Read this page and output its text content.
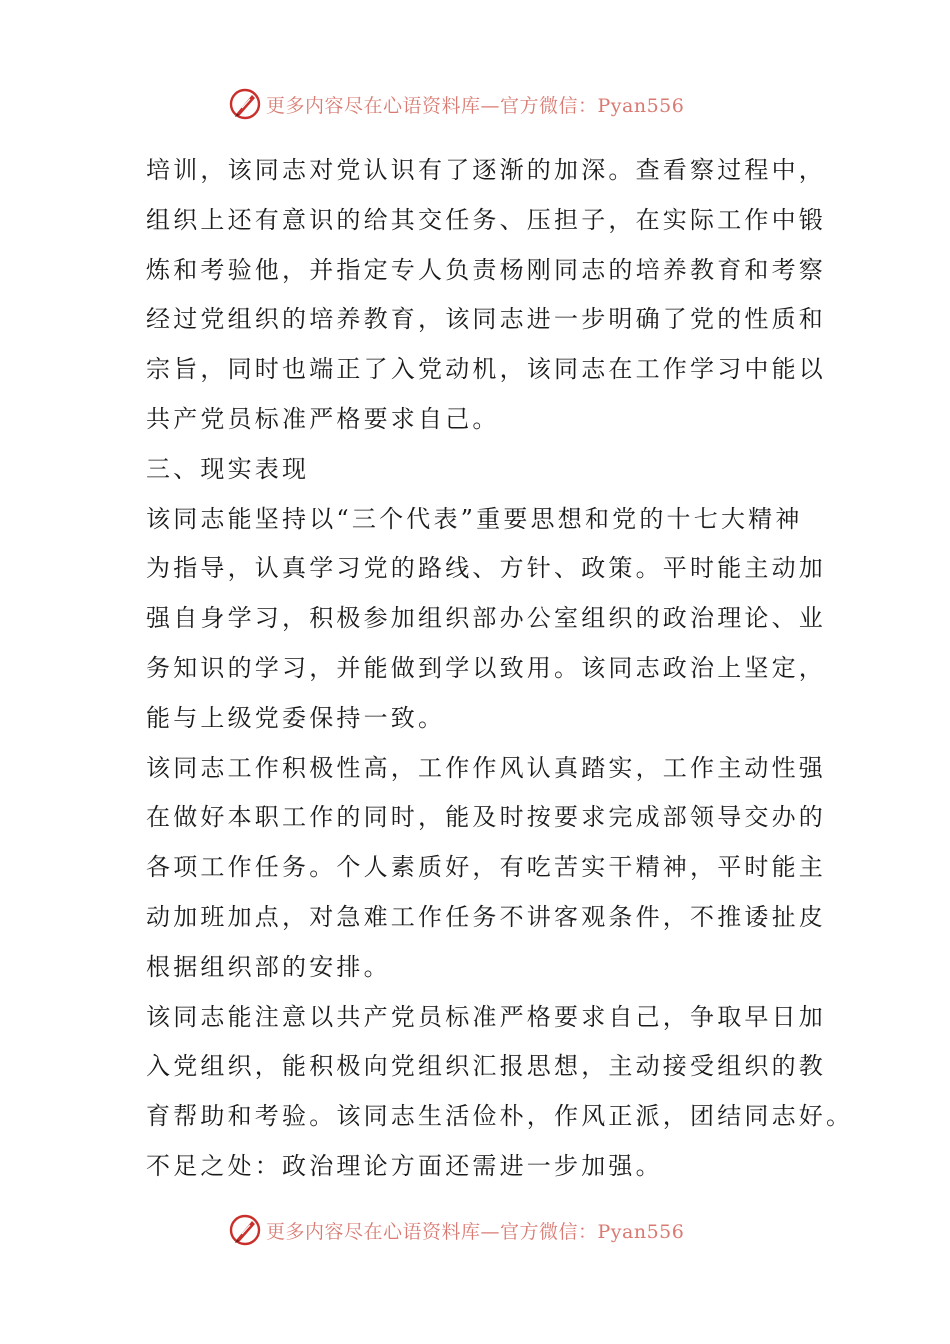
更多内容尽在心语资料库—官方微信：Pyan556
培训，该同志对党认识有了逐渐的加深。查看察过程中，
组织上还有意识的给其交任务、压担子，在实际工作中锻
炼和考验他，并指定专人负责杨刚同志的培养教育和考察
经过党组织的培养教育，该同志进一步明确了党的性质和
宗旨，同时也端正了入党动机，该同志在工作学习中能以
共产党员标准严格要求自己。
三、现实表现
该同志能坚持以“三个代表”重要思想和党的十七大精神
为指导，认真学习党的路线、方针、政策。平时能主动加
强自身学习，积极参加组织部办公室组织的政治理论、业
务知识的学习，并能做到学以致用。该同志政治上坚定，
能与上级党委保持一致。
该同志工作积极性高，工作作风认真踏实，工作主动性强
在做好本职工作的同时，能及时按要求完成部领导交办的
各项工作任务。个人素质好，有吃苦实干精神，平时能主
动加班加点，对急难工作任务不讲客观条件，不推诿扯皮
根据组织部的安排。
该同志能注意以共产党员标准严格要求自己，争取早日加
入党组织，能积极向党组织汇报思想，主动接受组织的教
育帮助和考验。该同志生活俭朴，作风正派，团结同志好。
不足之处：政治理论方面还需进一步加强。
更多内容尽在心语资料库—官方微信：Pyan556
